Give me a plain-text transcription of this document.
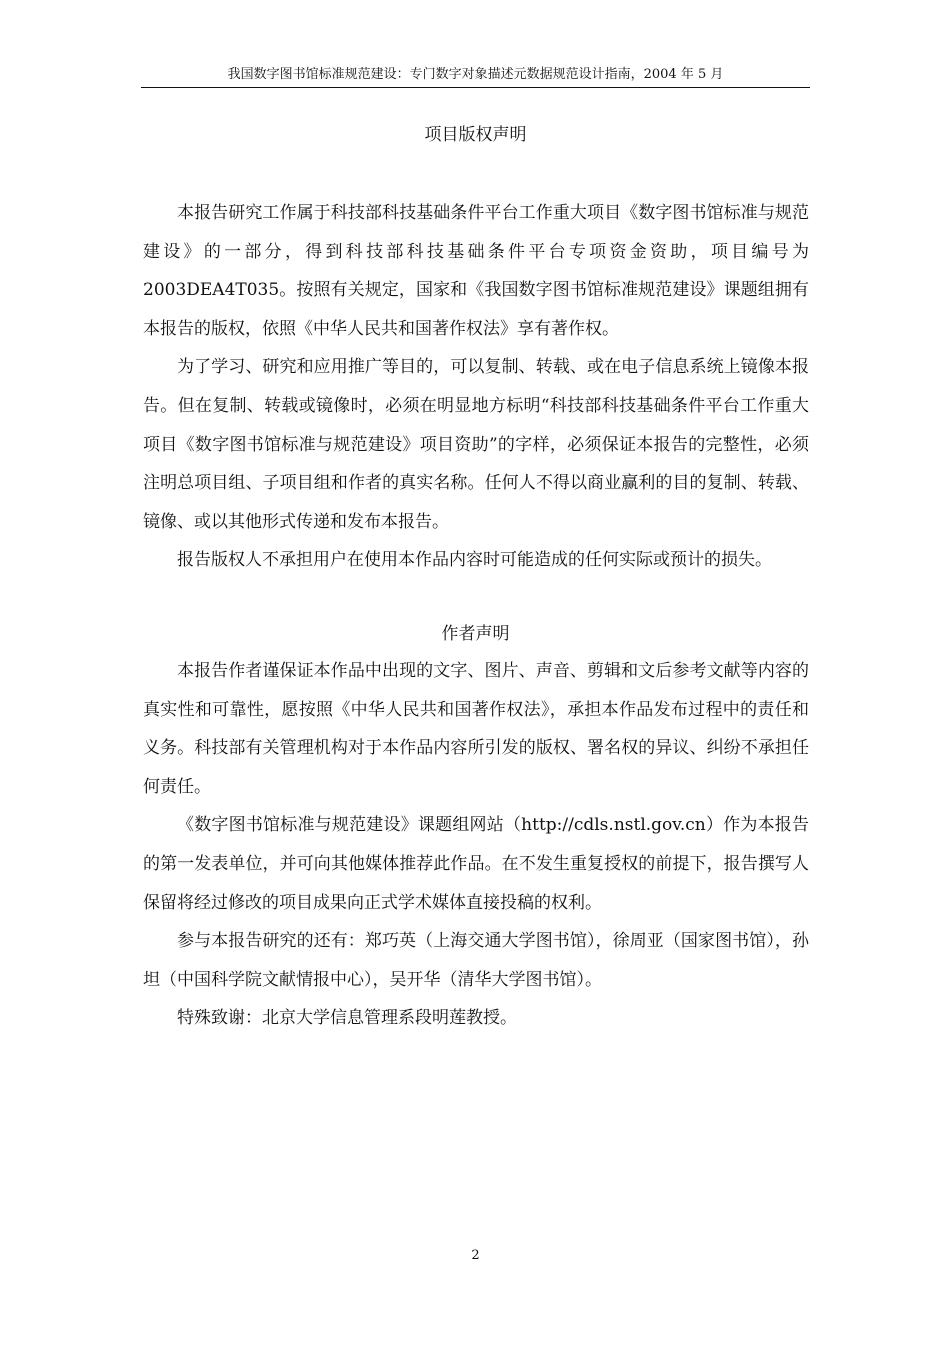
我国数字图书馆标准规范建设：专门数字对象描述元数据规范设计指南，2004 年 5 月
项目版权声明

本报告研究工作属于科技部科技基础条件平台工作重大项目《数字图书馆标准与规范建设》的一部分，得到科技部科技基础条件平台专项资金资助，项目编号为 2003DEA4T035。按照有关规定，国家和《我国数字图书馆标准规范建设》课题组拥有本报告的版权，依照《中华人民共和国著作权法》享有著作权。

为了学习、研究和应用推广等目的，可以复制、转载、或在电子信息系统上镜像本报告。但在复制、转载或镜像时，必须在明显地方标明“科技部科技基础条件平台工作重大项目《数字图书馆标准与规范建设》项目资助”的字样，必须保证本报告的完整性，必须注明总项目组、子项目组和作者的真实名称。任何人不得以商业赢利的目的复制、转载、镜像、或以其他形式传递和发布本报告。

报告版权人不承担用户在使用本作品内容时可能造成的任何实际或预计的损失。

作者声明

本报告作者谨保证本作品中出现的文字、图片、声音、剪辑和文后参考文献等内容的真实性和可靠性，愿按照《中华人民共和国著作权法》，承担本作品发布过程中的责任和义务。科技部有关管理机构对于本作品内容所引发的版权、署名权的异议、纠纷不承担任何责任。

《数字图书馆标准与规范建设》课题组网站（http://cdls.nstl.gov.cn）作为本报告的第一发表单位，并可向其他媒体推荐此作品。在不发生重复授权的前提下，报告撰写人保留将经过修改的项目成果向正式学术媒体直接投稿的权利。

参与本报告研究的还有：郑巧英（上海交通大学图书馆），徐周亚（国家图书馆），孙坦（中国科学院文献情报中心），吴开华（清华大学图书馆）。

特殊致谢：北京大学信息管理系段明莲教授。

2
